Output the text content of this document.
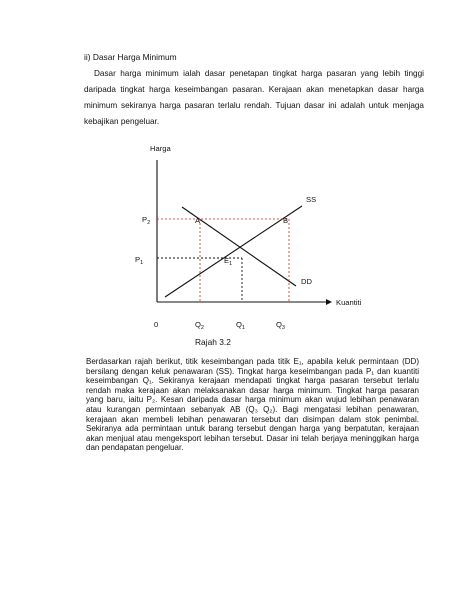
ii) Dasar Harga Minimum

Dasar harga minimum ialah dasar penetapan tingkat harga pasaran yang lebih tinggi daripada tingkat harga keseimbangan pasaran. Kerajaan akan menetapkan dasar harga minimum sekiranya harga pasaran terlalu rendah. Tujuan dasar ini adalah untuk menjaga kebajikan pengeluar.

Harga
Kuantiti
0
$P_2$
$P_1$
$Q_2$	$Q_1$	$Q_3$
SS
DD
A	B
$E_1$
Rajah 3.2

Berdasarkan rajah berikut, titik keseimbangan pada titik E₁, apabila keluk permintaan (DD) bersilang dengan keluk penawaran (SS). Tingkat harga keseimbangan pada P₁ dan kuantiti keseimbangan Q₁. Sekiranya kerajaan mendapati tingkat harga pasaran tersebut terlalu rendah maka kerajaan akan melaksanakan dasar harga minimum. Tingkat harga pasaran yang baru, iaitu P₂. Kesan daripada dasar harga minimum akan wujud lebihan penawaran atau kurangan permintaan sebanyak AB (Q₃ Q₂). Bagi mengatasi lebihan penawaran, kerajaan akan membeli lebihan penawaran tersebut dan disimpan dalam stok penimbal. Sekiranya ada permintaan untuk barang tersebut dengan harga yang berpatutan, kerajaan akan menjual atau mengeksport lebihan tersebut. Dasar ini telah berjaya meninggikan harga dan pendapatan pengeluar.
